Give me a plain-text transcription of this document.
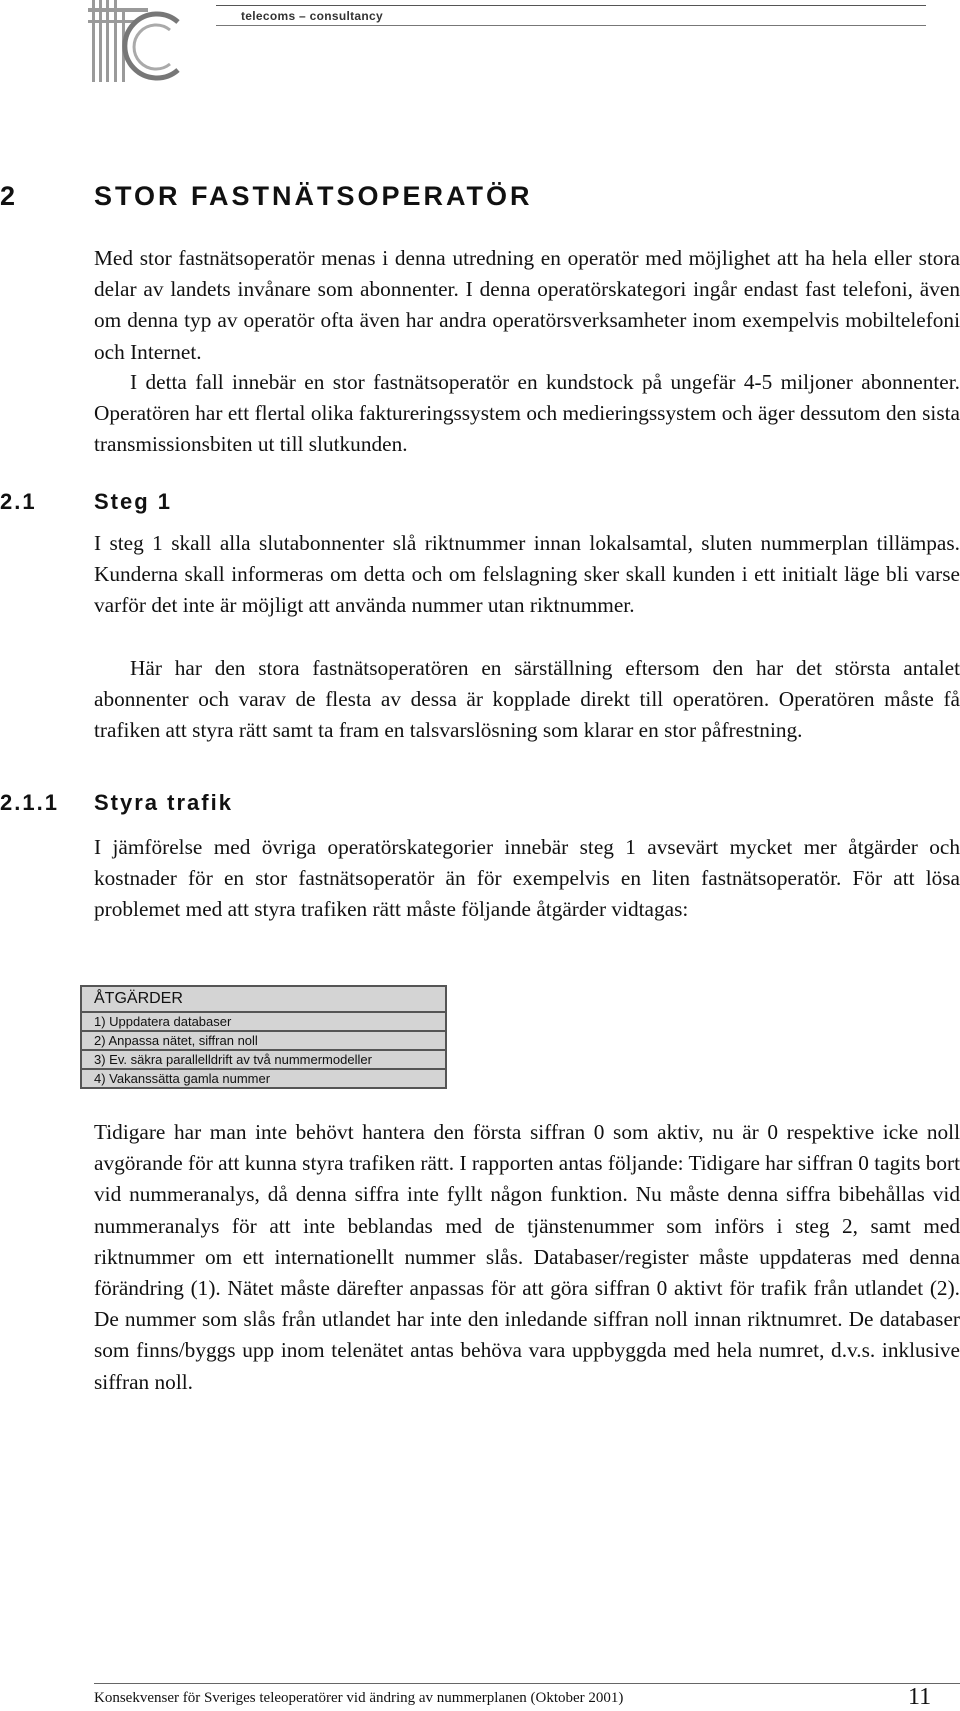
telecoms – consultancy
2	STOR FASTNÄTSOPERATÖR

Med stor fastnätsoperatör menas i denna utredning en operatör med möjlighet att ha hela eller stora delar av landets invånare som abonnenter. I denna operatörskategori ingår endast fast telefoni, även om denna typ av operatör ofta även har andra operatörsverksamheter inom exempelvis mobiltelefoni och Internet.

I detta fall innebär en stor fastnätsoperatör en kundstock på ungefär 4-5 miljoner abonnenter. Operatören har ett flertal olika faktureringssystem och medieringssystem och äger dessutom den sista transmissionsbiten ut till slutkunden.

2.1	Steg 1

I steg 1 skall alla slutabonnenter slå riktnummer innan lokalsamtal, sluten nummerplan tillämpas. Kunderna skall informeras om detta och om felslagning sker skall kunden i ett initialt läge bli varse varför det inte är möjligt att använda nummer utan riktnummer.

Här har den stora fastnätsoperatören en särställning eftersom den har det största antalet abonnenter och varav de flesta av dessa är kopplade direkt till operatören. Operatören måste få trafiken att styra rätt samt ta fram en talsvarslösning som klarar en stor påfrestning.

2.1.1 Styra trafik

I jämförelse med övriga operatörskategorier innebär steg 1 avsevärt mycket mer åtgärder och kostnader för en stor fastnätsoperatör än för exempelvis en liten fastnätsoperatör. För att lösa problemet med att styra trafiken rätt måste följande åtgärder vidtagas:

ÅTGÄRDER
1) Uppdatera databaser
2) Anpassa nätet, siffran noll
3) Ev. säkra parallelldrift av två nummermodeller
4) Vakanssätta gamla nummer

Tidigare har man inte behövt hantera den första siffran 0 som aktiv, nu är 0 respektive icke noll avgörande för att kunna styra trafiken rätt. I rapporten antas följande: Tidigare har siffran 0 tagits bort vid nummeranalys, då denna siffra inte fyllt någon funktion. Nu måste denna siffra bibehållas vid nummeranalys för att inte beblandas med de tjänstenummer som införs i steg 2, samt med riktnummer om ett internationellt nummer slås. Databaser/register måste uppdateras med denna förändring (1). Nätet måste därefter anpassas för att göra siffran 0 aktivt för trafik från utlandet (2). De nummer som slås från utlandet har inte den inledande siffran noll innan riktnumret. De databaser som finns/byggs upp inom telenätet antas behöva vara uppbyggda med hela numret, d.v.s. inklusive siffran noll.

Konsekvenser för Sveriges teleoperatörer vid ändring av nummerplanen (Oktober 2001)	11
